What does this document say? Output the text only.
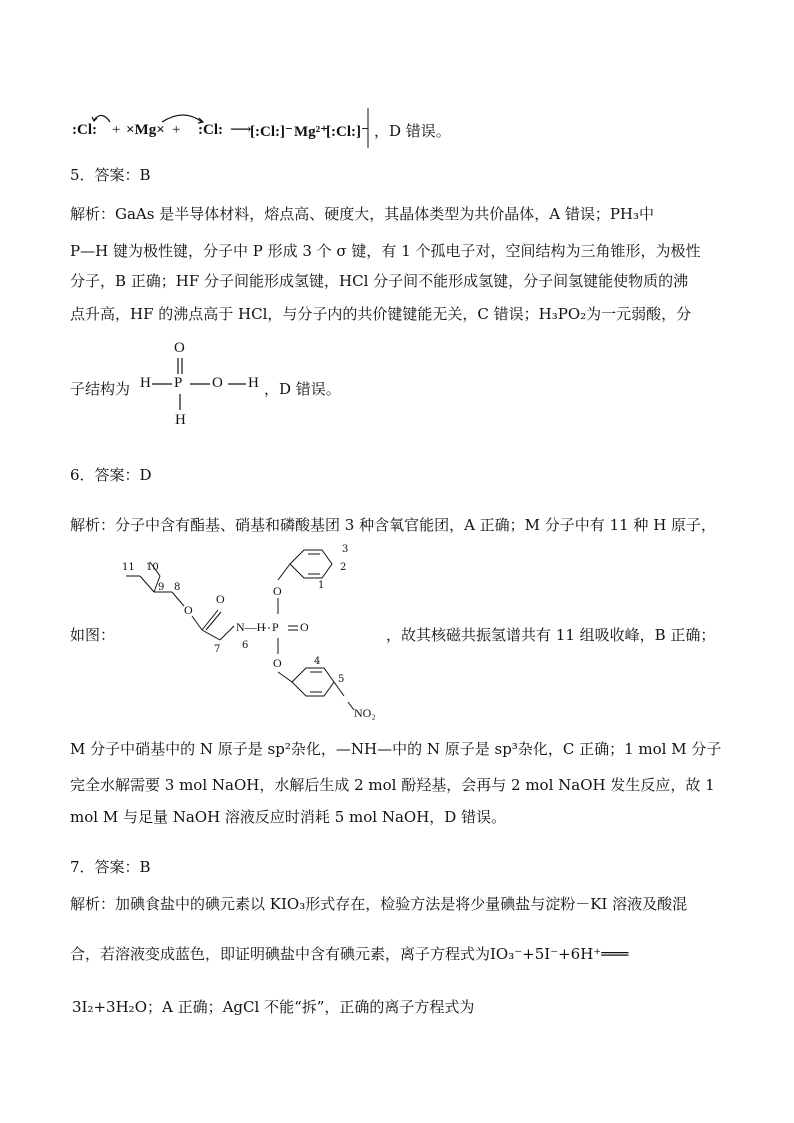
:Cl: + ×Mg× + :Cl: ⟶
[:Cl:]⁻ Mg²⁺
[:Cl:]⁻ ，D 错误。
5．答案：B
解析：GaAs 是半导体材料，熔点高、硬度大，其晶体类型为共价晶体，A 错误；PH₃中
P—H 键为极性键，分子中 P 形成 3 个 σ 键，有 1 个孤电子对，空间结构为三角锥形，为极性
分子，B 正确；HF 分子间能形成氢键，HCl 分子间不能形成氢键，分子间氢键能使物质的沸
点升高，HF 的沸点高于 HCl，与分子内的共价键键能无关，C 错误；H₃PO₂为一元弱酸，分
子结构为
O
H P O H
H
，D 错误。
6．答案：D
解析：分子中含有酯基、硝基和磷酸基团 3 种含氧官能团，A 正确；M 分子中有 11 种 H 原子，
如图：
11 10
9 8
O
O
7
N—H
6
P O
O
O
1
2
3
4
5
NO₂
，故其核磁共振氢谱共有 11 组吸收峰，B 正确；
M 分子中硝基中的 N 原子是 sp²杂化，—NH—中的 N 原子是 sp³杂化，C 正确；1 mol M 分子
完全水解需要 3 mol NaOH，水解后生成 2 mol 酚羟基，会再与 2 mol NaOH 发生反应，故 1
mol M 与足量 NaOH 溶液反应时消耗 5 mol NaOH，D 错误。
7．答案：B
解析：加碘食盐中的碘元素以 KIO₃形式存在，检验方法是将少量碘盐与淀粉－KI 溶液及酸混
合，若溶液变成蓝色，即证明碘盐中含有碘元素，离子方程式为IO₃⁻+5I⁻+6H⁺═══
3I₂+3H₂O；A 正确；AgCl 不能“拆”，正确的离子方程式为
